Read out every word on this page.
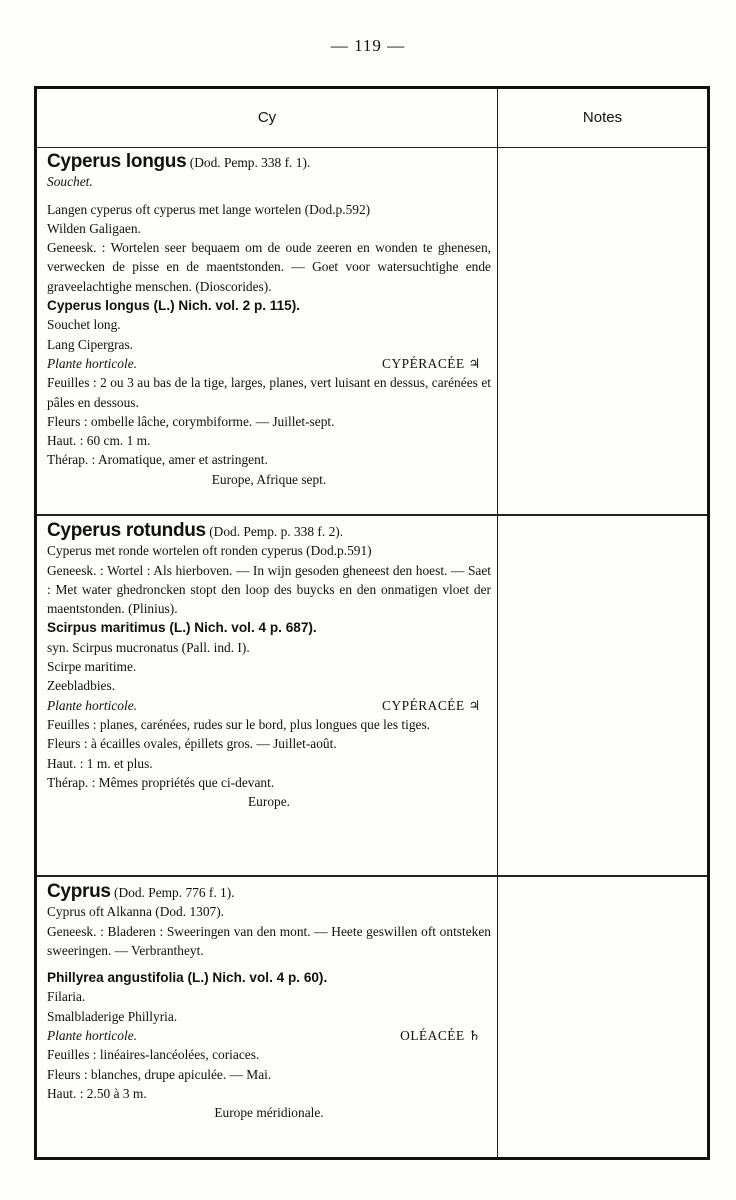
— 119 —
Cy	Notes

Cyperus longus (Dod. Pemp. 338 f. 1).

Souchet.

Langen cyperus oft cyperus met lange wortelen (Dod.p.592)

Wilden Galigaen.

Geneesk. : Wortelen seer bequaem om de oude zeeren en wonden te ghenesen, verwecken de pisse en de maentstonden. — Goet voor watersuchtighe ende graveelachtighe menschen. (Dioscorides).

Cyperus longus (L.) Nich. vol. 2 p. 115).

Souchet long.

Lang Cipergras.

Plante horticole.	CYPÉRACÉE ♃

Feuilles : 2 ou 3 au bas de la tige, larges, planes, vert luisant en dessus, carénées et pâles en dessous.

Fleurs : ombelle lâche, corymbiforme. — Juillet-sept.

Haut. : 60 cm. 1 m.

Thérap. : Aromatique, amer et astringent.

Europe, Afrique sept.

Cyperus rotundus (Dod. Pemp. p. 338 f. 2).

Cyperus met ronde wortelen oft ronden cyperus (Dod.p.591)

Geneesk. : Wortel : Als hierboven. — In wijn gesoden gheneest den hoest. — Saet : Met water ghedroncken stopt den loop des buycks en den onmatigen vloet der maentstonden. (Plinius).

Scirpus maritimus (L.) Nich. vol. 4 p. 687).

syn. Scirpus mucronatus (Pall. ind. I).

Scirpe maritime.

Zeebladbies.

Plante horticole.	CYPÉRACÉE ♃

Feuilles : planes, carénées, rudes sur le bord, plus longues que les tiges.

Fleurs : à écailles ovales, épillets gros. — Juillet-août.

Haut. : 1 m. et plus.

Thérap. : Mêmes propriétés que ci-devant.

Europe.

Cyprus (Dod. Pemp. 776 f. 1).

Cyprus oft Alkanna (Dod. 1307).

Geneesk. : Bladeren : Sweeringen van den mont. — Heete geswillen oft ontsteken sweeringen. — Verbrantheyt.

Phillyrea angustifolia (L.) Nich. vol. 4 p. 60).

Filaria.

Smalbladerige Phillyria.

Plante horticole.	OLÉACÉE ♄

Feuilles : linéaires-lancéolées, coriaces.

Fleurs : blanches, drupe apiculée. — Mai.

Haut. : 2.50 à 3 m.

Europe méridionale.
